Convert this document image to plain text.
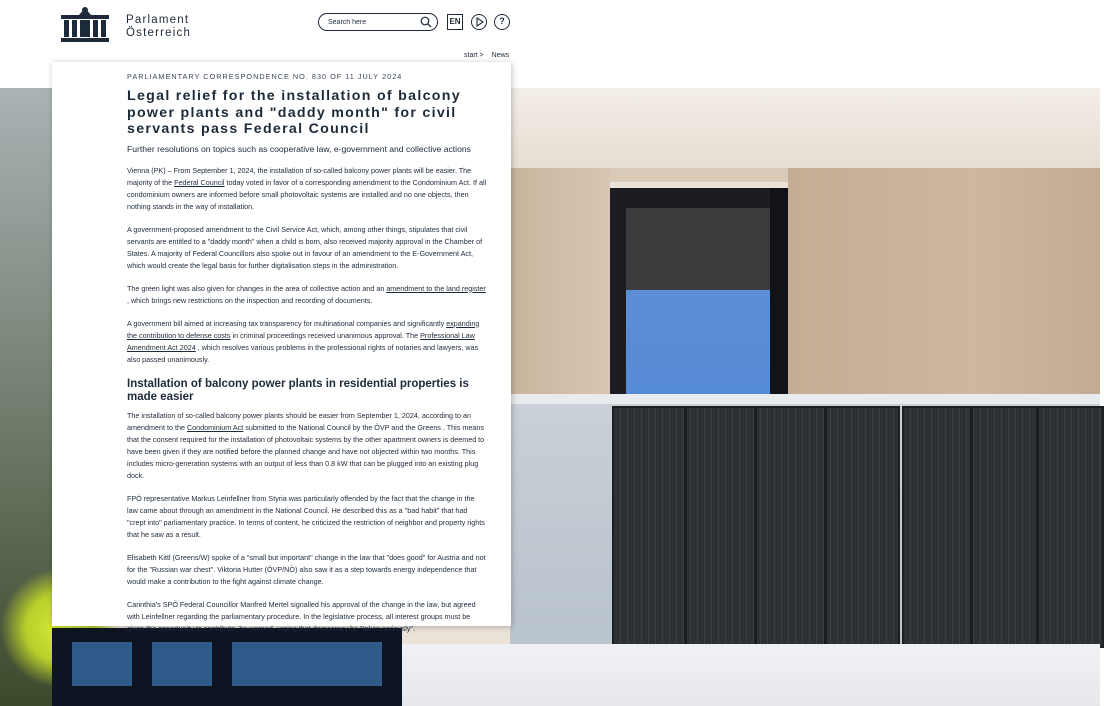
Parlament
Österreich
Search here
EN	?
start > News

PARLIAMENTARY CORRESPONDENCE NO. 830 OF 11 JULY 2024

Legal relief for the installation of balcony power plants and "daddy month" for civil servants pass Federal Council

Further resolutions on topics such as cooperative law, e-government and collective actions

Vienna (PK) – From September 1, 2024, the installation of so-called balcony power plants will be easier. The majority of the Federal Council today voted in favor of a corresponding amendment to the Condominium Act. If all condominium owners are informed before small photovoltaic systems are installed and no one objects, then nothing stands in the way of installation.

A government-proposed amendment to the Civil Service Act, which, among other things, stipulates that civil servants are entitled to a "daddy month" when a child is born, also received majority approval in the Chamber of States. A majority of Federal Councillors also spoke out in favour of an amendment to the E-Government Act, which would create the legal basis for further digitalisation steps in the administration.

The green light was also given for changes in the area of collective action and an amendment to the land register , which brings new restrictions on the inspection and recording of documents.

A government bill aimed at increasing tax transparency for multinational companies and significantly expanding the contribution to defense costs in criminal proceedings received unanimous approval. The Professional Law Amendment Act 2024 , which resolves various problems in the professional rights of notaries and lawyers, was also passed unanimously.

Installation of balcony power plants in residential properties is made easier

The installation of so-called balcony power plants should be easier from September 1, 2024, according to an amendment to the Condominium Act submitted to the National Council by the ÖVP and the Greens . This means that the consent required for the installation of photovoltaic systems by the other apartment owners is deemed to have been given if they are notified before the planned change and have not objected within two months. This includes micro-generation systems with an output of less than 0.8 kW that can be plugged into an existing plug dock.

FPÖ representative Markus Leinfellner from Styria was particularly offended by the fact that the change in the law came about through an amendment in the National Council. He described this as a "bad habit" that had "crept into" parliamentary practice. In terms of content, he criticized the restriction of neighbor and property rights that he saw as a result.

Elisabeth Kittl (Greens/W) spoke of a "small but important" change in the law that "does good" for Austria and not for the "Russian war chest". Viktoria Hutter (ÖVP/NÖ) also saw it as a step towards energy independence that would make a contribution to the fight against climate change.

Carinthia's SPÖ Federal Councillor Manfred Mertel signalled his approval of the change in the law, but agreed with Leinfellner regarding the parliamentary procedure. In the legislative process, all interest groups must be given the opportunity to contribute, he warned, urging that democracy be "taken seriously".
